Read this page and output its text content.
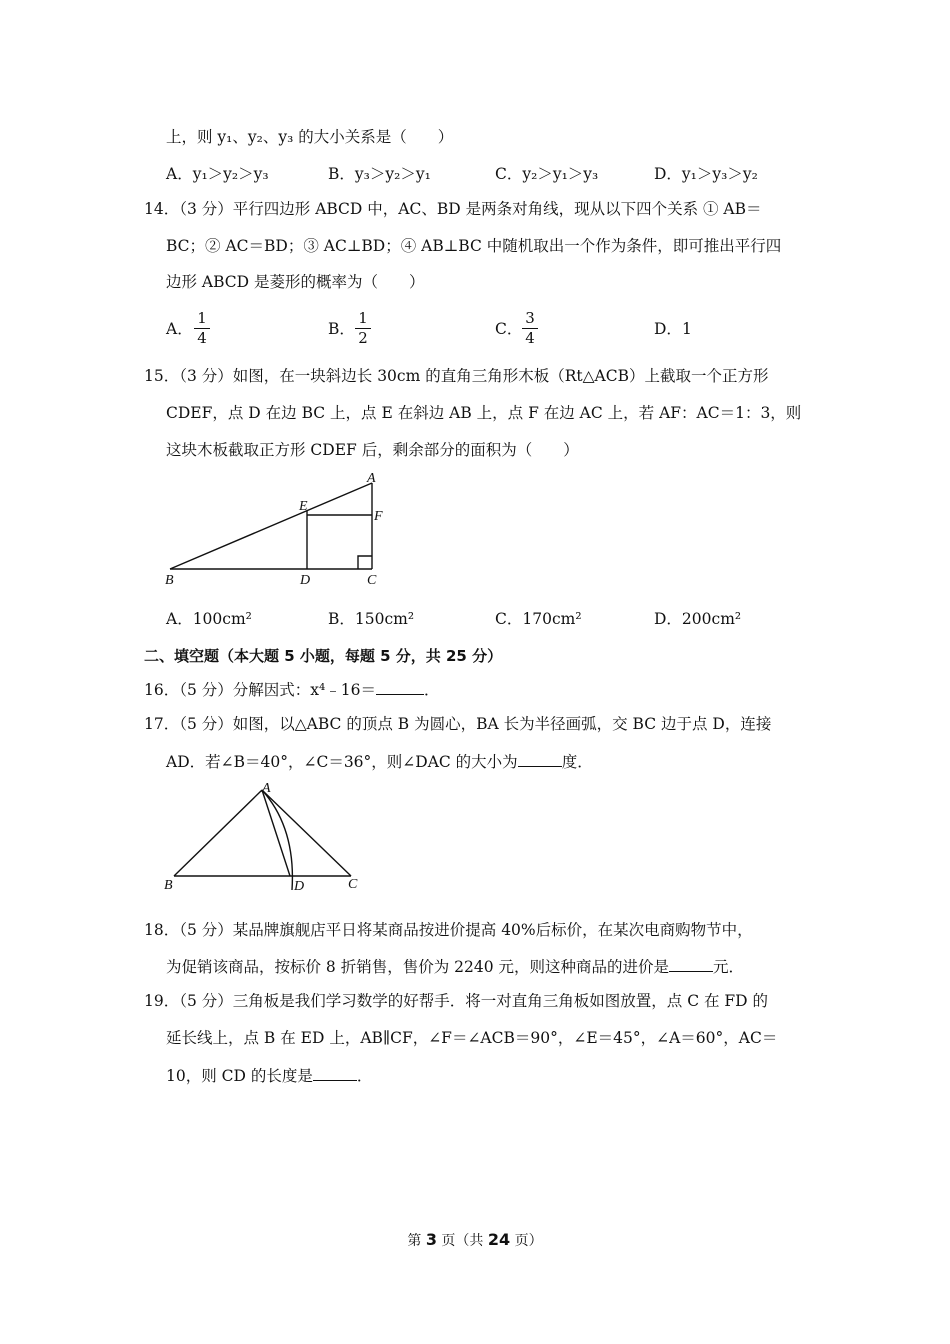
上，则 y₁、y₂、y₃ 的大小关系是（　　）
A．y₁＞y₂＞y₃	B．y₃＞y₂＞y₁	C．y₂＞y₁＞y₃	D．y₁＞y₃＞y₂
14．（3 分）平行四边形 ABCD 中，AC、BD 是两条对角线，现从以下四个关系 ① AB＝
BC；② AC＝BD；③ AC⊥BD；④ AB⊥BC 中随机取出一个作为条件，即可推出平行四
边形 ABCD 是菱形的概率为（　　）
A．
1
4	B．
1
2	C．
3
4	D．1
15．（3 分）如图，在一块斜边长 30cm 的直角三角形木板（Rt△ACB）上截取一个正方形
CDEF，点 D 在边 BC 上，点 E 在斜边 AB 上，点 F 在边 AC 上，若 AF：AC＝1：3，则
这块木板截取正方形 CDEF 后，剩余部分的面积为（　　）
A
E
F
B	D	C
A．100cm²	B．150cm²	C．170cm²	D．200cm²
二、填空题（本大题 5 小题，每题 5 分，共 25 分）
16．（5 分）分解因式：x⁴﹣16＝	．
17．（5 分）如图，以△ABC 的顶点 B 为圆心，BA 长为半径画弧，交 BC 边于点 D，连接
AD．若∠B＝40°，∠C＝36°，则∠DAC 的大小为	度．
A
B	D	C
18．（5 分）某品牌旗舰店平日将某商品按进价提高 40%后标价，在某次电商购物节中，
为促销该商品，按标价 8 折销售，售价为 2240 元，则这种商品的进价是	元．
19．（5 分）三角板是我们学习数学的好帮手．将一对直角三角板如图放置，点 C 在 FD 的
延长线上，点 B 在 ED 上，AB∥CF，∠F＝∠ACB＝90°，∠E＝45°，∠A＝60°，AC＝
10，则 CD 的长度是	．
第 3 页（共 24 页）
